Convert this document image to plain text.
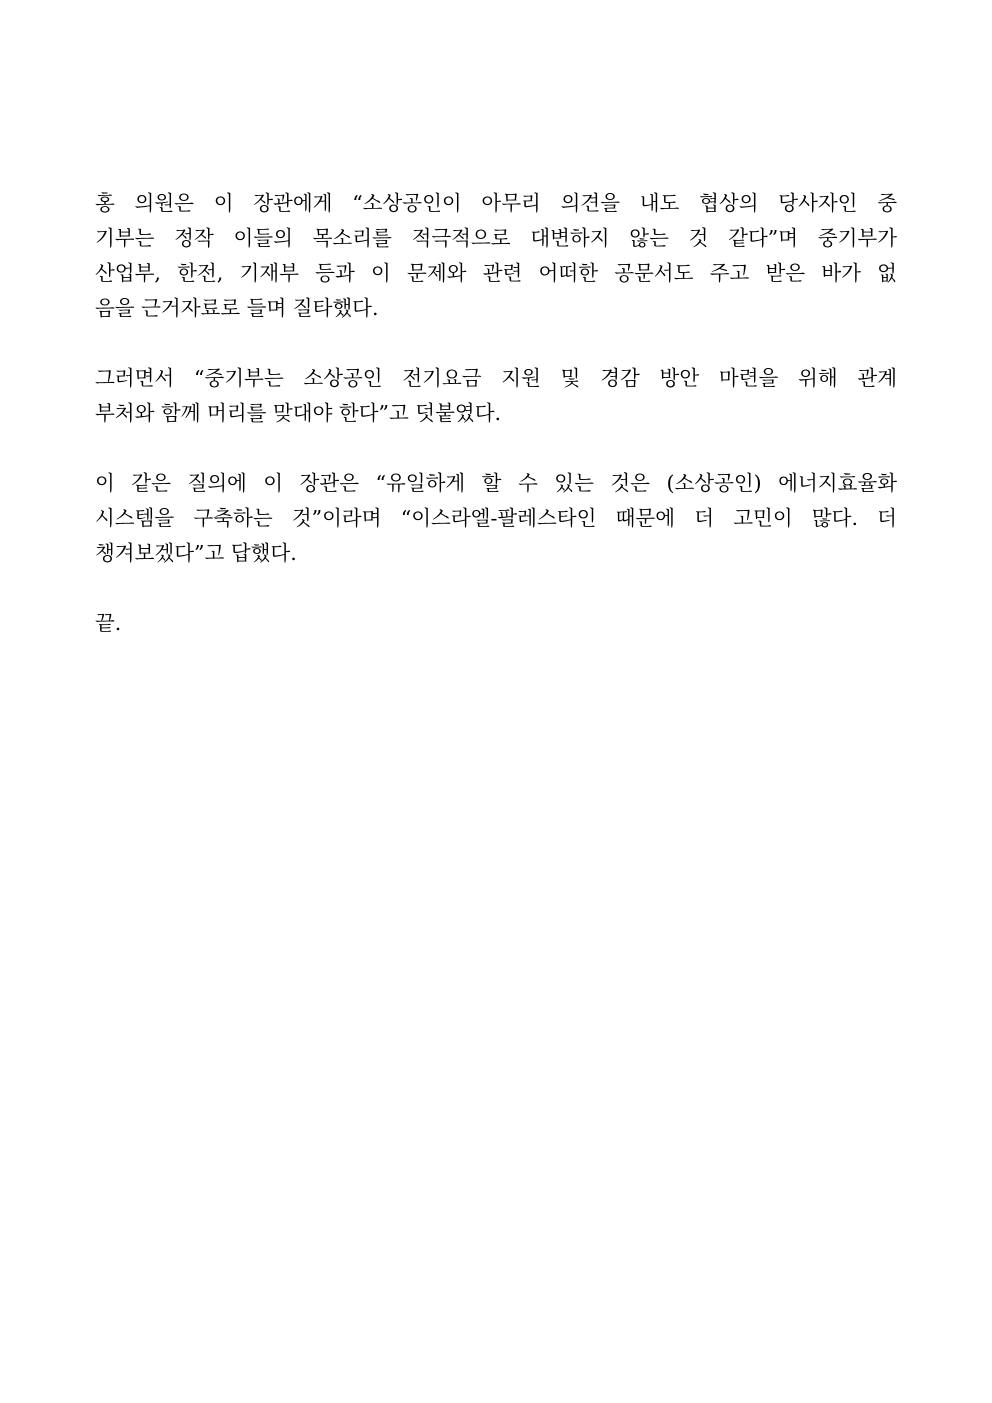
홍 의원은 이 장관에게 “소상공인이 아무리 의견을 내도 협상의 당사자인 중
기부는 정작 이들의 목소리를 적극적으로 대변하지 않는 것 같다”며 중기부가
산업부, 한전, 기재부 등과 이 문제와 관련 어떠한 공문서도 주고 받은 바가 없
음을 근거자료로 들며 질타했다.

그러면서 “중기부는 소상공인 전기요금 지원 및 경감 방안 마련을 위해 관계
부처와 함께 머리를 맞대야 한다”고 덧붙였다.

이 같은 질의에 이 장관은 “유일하게 할 수 있는 것은 (소상공인) 에너지효율화
시스템을 구축하는 것”이라며 “이스라엘-팔레스타인 때문에 더 고민이 많다. 더
챙겨보겠다”고 답했다.

끝.
